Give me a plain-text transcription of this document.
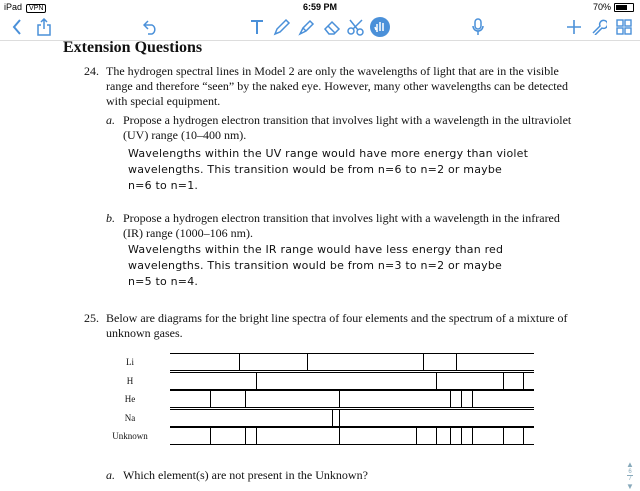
iPad VPN	6:59 PM	70%
Extension Questions
24. The hydrogen spectral lines in Model 2 are only the wavelengths of light that are in the visible
range and therefore “seen” by the naked eye. However, many other wavelengths can be detected
with special equipment.
a. Propose a hydrogen electron transition that involves light with a wavelength in the ultraviolet
(UV) range (10–400 nm).
Wavelengths within the UV range would have more energy than violet
wavelengths. This transition would be from n=6 to n=2 or maybe
n=6 to n=1.
b. Propose a hydrogen electron transition that involves light with a wavelength in the infrared
(IR) range (1000–106 nm).
Wavelengths within the IR range would have less energy than red
wavelengths. This transition would be from n=3 to n=2 or maybe
n=5 to n=4.
25. Below are diagrams for the bright line spectra of four elements and the spectrum of a mixture of
unknown gases.
Li
H
He
Na
Unknown
a. Which element(s) are not present in the Unknown?
▲
6
7
▼
